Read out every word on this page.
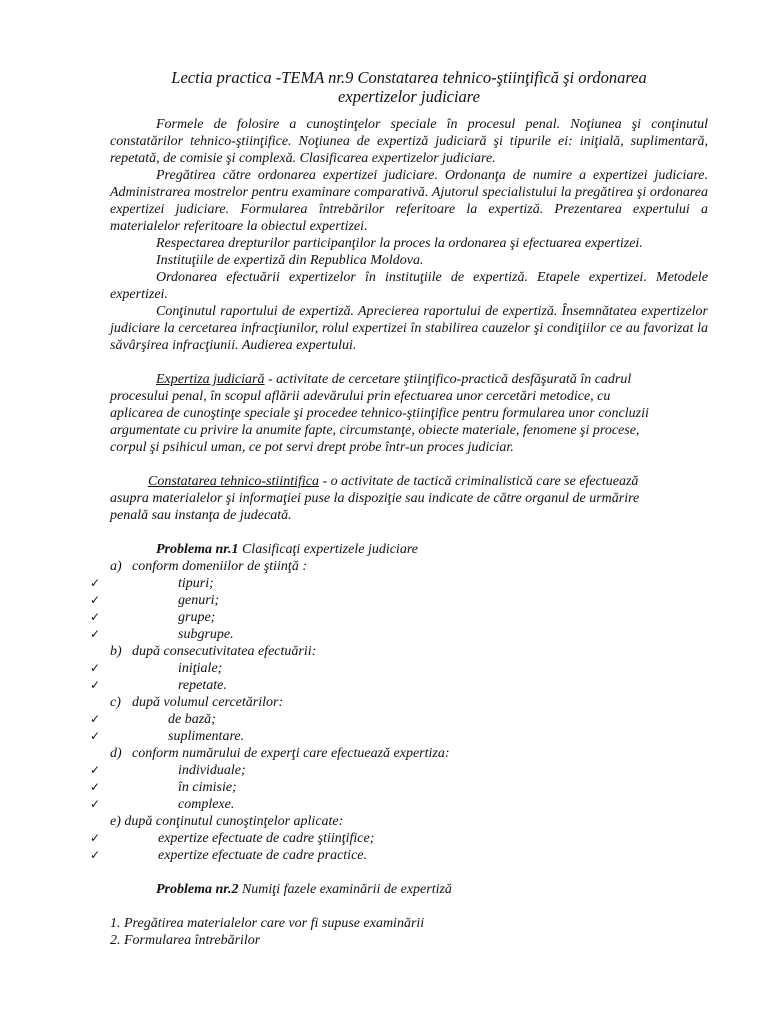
Lectia practica -TEMA nr.9 Constatarea tehnico-ştiinţifică şi ordonarea
expertizelor judiciare

Formele de folosire a cunoştinţelor speciale în procesul penal. Noţiunea şi conţinutul constatărilor tehnico-ştiinţifice. Noţiunea de expertiză judiciară şi tipurile ei: iniţială, suplimentară, repetată, de comisie şi complexă. Clasificarea expertizelor judiciare.

Pregătirea către ordonarea expertizei judiciare. Ordonanţa de numire a expertizei judiciare. Administrarea mostrelor pentru examinare comparativă. Ajutorul specialistului la pregătirea şi ordonarea expertizei judiciare. Formularea întrebărilor referitoare la expertiză. Prezentarea expertului a materialelor referitoare la obiectul expertizei.

Respectarea drepturilor participanţilor la proces la ordonarea şi efectuarea expertizei.

Instituţiile de expertiză din Republica Moldova.

Ordonarea efectuării expertizelor în instituţiile de expertiză. Etapele expertizei. Metodele expertizei.

Conţinutul raportului de expertiză. Aprecierea raportului de expertiză. Însemnătatea expertizelor judiciare la cercetarea infracţiunilor, rolul expertizei în stabilirea cauzelor şi condiţiilor ce au favorizat la săvârşirea infracţiunii. Audierea expertului.

Expertiza judiciară - activitate de cercetare ştiinţifico-practică desfăşurată în cadrul
procesului penal, în scopul aflării adevărului prin efectuarea unor cercetări metodice, cu
aplicarea de cunoştinţe speciale şi procedee tehnico-ştiinţifice pentru formularea unor concluzii
argumentate cu privire la anumite fapte, circumstanţe, obiecte materiale, fenomene şi procese,
corpul şi psihicul uman, ce pot servi drept probe într-un proces judiciar.
Constatarea tehnico-stiintifica - o activitate de tactică criminalistică care se efectuează
asupra materialelor şi informaţiei puse la dispoziţie sau indicate de către organul de urmărire
penală sau instanţa de judecată.

Problema nr.1 Clasificaţi expertizele judiciare

a) conform domeniilor de ştiinţă :

✓	tipuri;

✓	genuri;

✓	grupe;

✓	subgrupe.

b) după consecutivitatea efectuării:

✓	iniţiale;

✓	repetate.

c) după volumul cercetărilor:

✓	de bază;

✓	suplimentare.

d) conform numărului de experţi care efectuează expertiza:

✓	individuale;

✓	în cimisie;

✓	complexe.

e) după conţinutul cunoştinţelor aplicate:

✓	expertize efectuate de cadre ştiinţifice;

✓	expertize efectuate de cadre practice.

Problema nr.2 Numiţi fazele examinării de expertiză

1. Pregătirea materialelor care vor fi supuse examinării

2. Formularea întrebărilor
